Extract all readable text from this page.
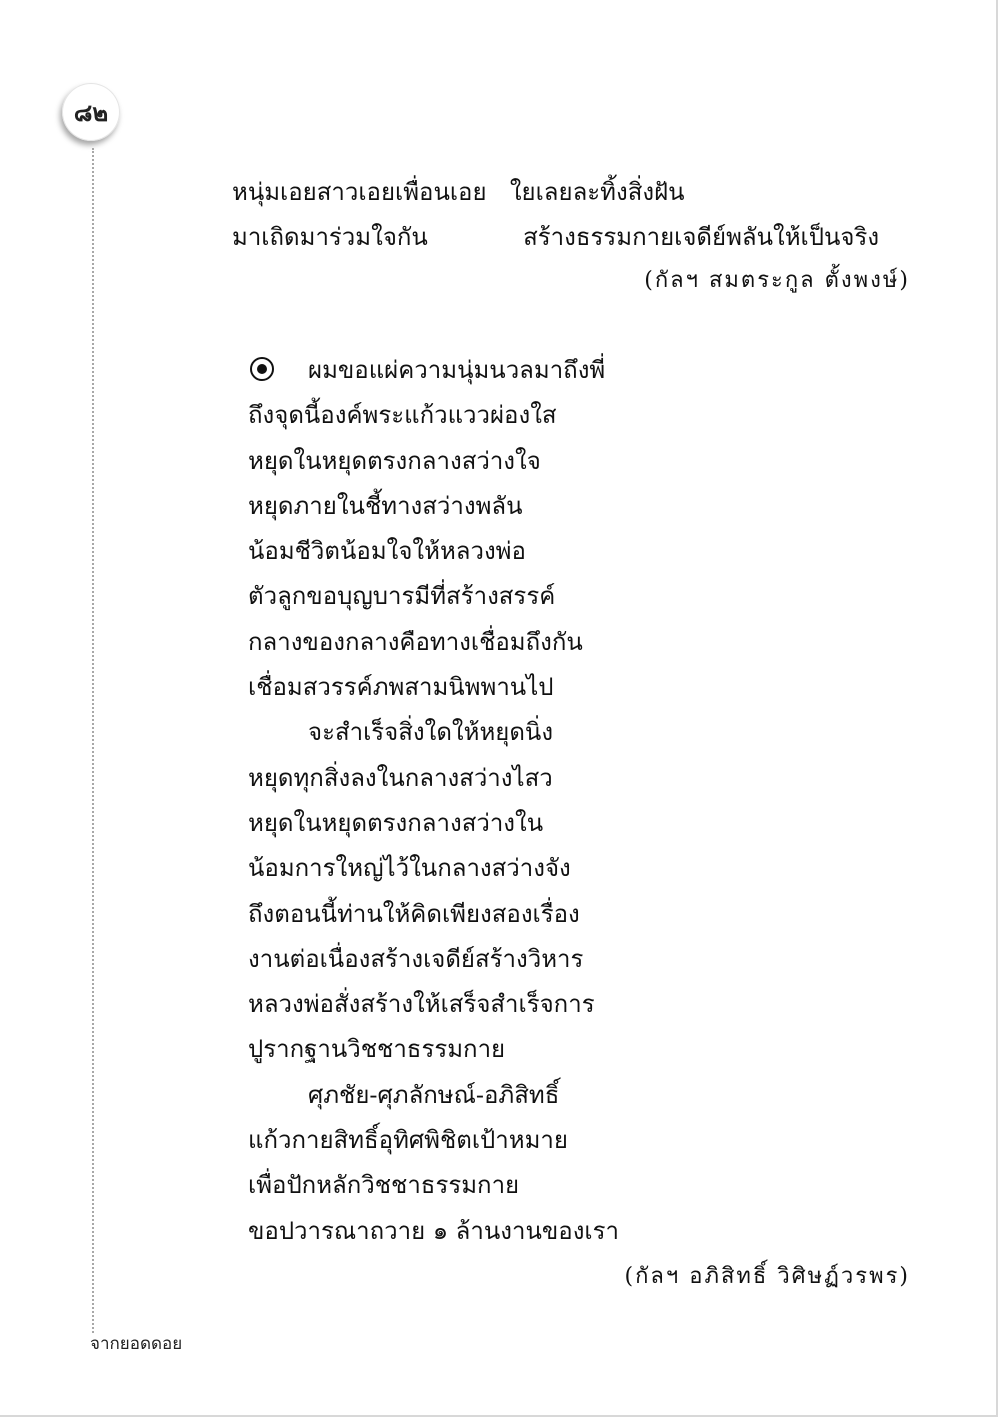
๘๒
หนุ่มเอยสาวเอยเพื่อนเอย ใยเลยละทิ้งสิ่งฝัน
มาเถิดมาร่วมใจกัน	สร้างธรรมกายเจดีย์พลันให้เป็นจริง
(กัลฯ สมตระกูล ตั้งพงษ์)
ผมขอแผ่ความนุ่มนวลมาถึงพี่
ถึงจุดนี้องค์พระแก้วแววผ่องใส
หยุดในหยุดตรงกลางสว่างใจ
หยุดภายในชี้ทางสว่างพลัน
น้อมชีวิตน้อมใจให้หลวงพ่อ
ตัวลูกขอบุญบารมีที่สร้างสรรค์
กลางของกลางคือทางเชื่อมถึงกัน
เชื่อมสวรรค์ภพสามนิพพานไป
จะสำเร็จสิ่งใดให้หยุดนิ่ง
หยุดทุกสิ่งลงในกลางสว่างไสว
หยุดในหยุดตรงกลางสว่างใน
น้อมการใหญ่ไว้ในกลางสว่างจัง
ถึงตอนนี้ท่านให้คิดเพียงสองเรื่อง
งานต่อเนื่องสร้างเจดีย์สร้างวิหาร
หลวงพ่อสั่งสร้างให้เสร็จสำเร็จการ
ปูรากฐานวิชชาธรรมกาย
ศุภชัย-ศุภลักษณ์-อภิสิทธิ์
แก้วกายสิทธิ์อุทิศพิชิตเป้าหมาย
เพื่อปักหลักวิชชาธรรมกาย
ขอปวารณาถวาย ๑ ล้านงานของเรา
(กัลฯ อภิสิทธิ์ วิศิษฏ์วรพร)
จากยอดดอย
